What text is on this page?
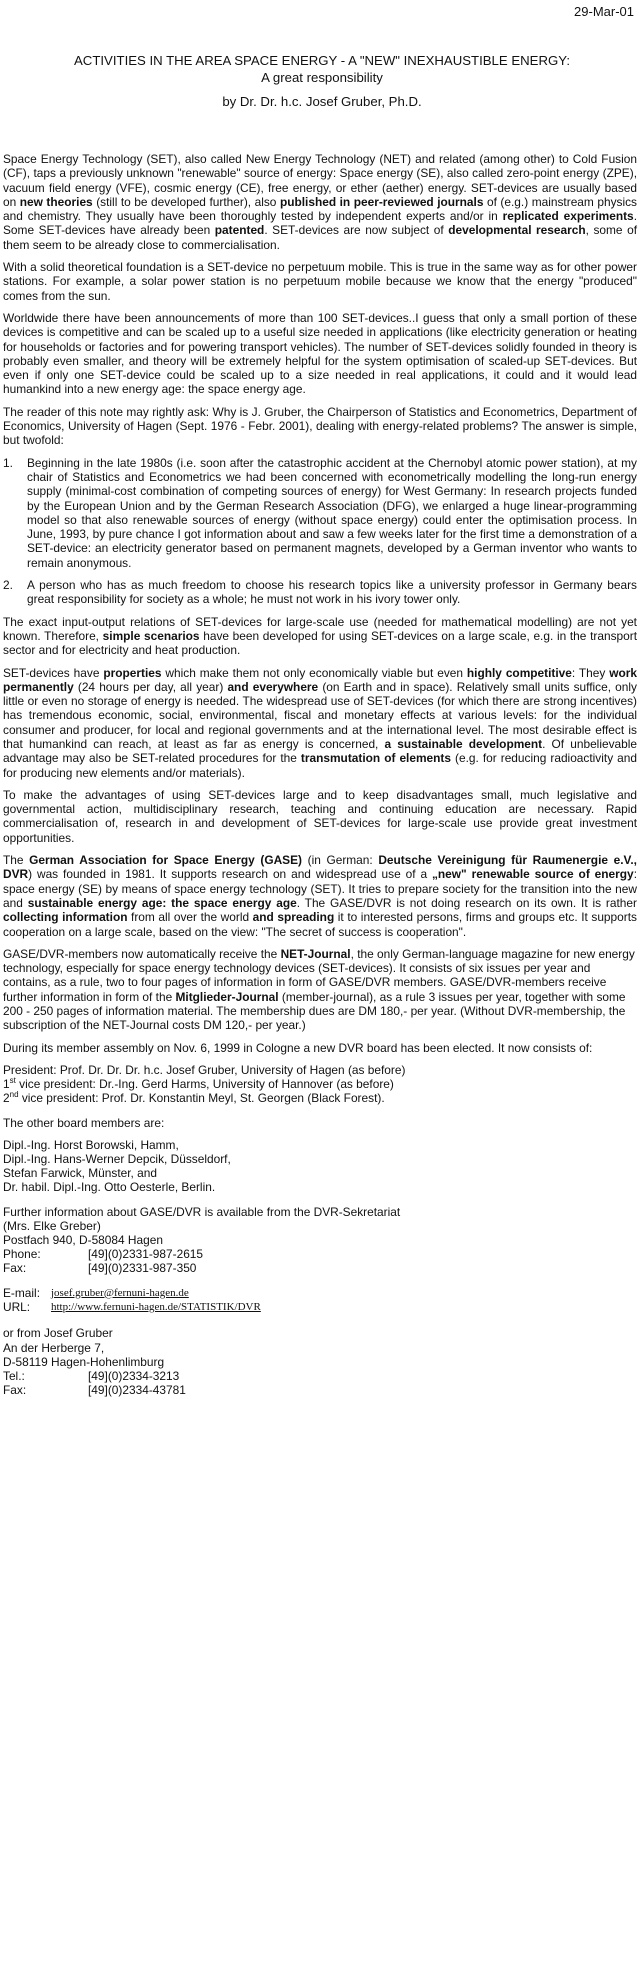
29-Mar-01
ACTIVITIES IN THE AREA SPACE ENERGY - A "NEW" INEXHAUSTIBLE ENERGY:
A great responsibility
by Dr. Dr. h.c. Josef Gruber, Ph.D.

Space Energy Technology (SET), also called New Energy Technology (NET) and related (among other) to Cold Fusion (CF), taps a previously unknown "renewable" source of energy: Space energy (SE), also called zero-point energy (ZPE), vacuum field energy (VFE), cosmic energy (CE), free energy, or ether (aether) energy. SET-devices are usually based on new theories (still to be developed further), also published in peer-reviewed journals of (e.g.) mainstream physics and chemistry. They usually have been thoroughly tested by independent experts and/or in replicated experiments. Some SET-devices have already been patented. SET-devices are now subject of developmental research, some of them seem to be already close to commercialisation.

With a solid theoretical foundation is a SET-device no perpetuum mobile. This is true in the same way as for other power stations. For example, a solar power station is no perpetuum mobile because we know that the energy "produced" comes from the sun.

Worldwide there have been announcements of more than 100 SET-devices..I guess that only a small portion of these devices is competitive and can be scaled up to a useful size needed in applications (like electricity generation or heating for households or factories and for powering transport vehicles). The number of SET-devices solidly founded in theory is probably even smaller, and theory will be extremely helpful for the system optimisation of scaled-up SET-devices. But even if only one SET-device could be scaled up to a size needed in real applications, it could and it would lead humankind into a new energy age: the space energy age.

The reader of this note may rightly ask: Why is J. Gruber, the Chairperson of Statistics and Econometrics, Department of Economics, University of Hagen (Sept. 1976 - Febr. 2001), dealing with energy-related problems? The answer is simple, but twofold:

1. Beginning in the late 1980s (i.e. soon after the catastrophic accident at the Chernobyl atomic power station), at my chair of Statistics and Econometrics we had been concerned with econometrically modelling the long-run energy supply (minimal-cost combination of competing sources of energy) for West Germany: In research projects funded by the European Union and by the German Research Association (DFG), we enlarged a huge linear-programming model so that also renewable sources of energy (without space energy) could enter the optimisation process. In June, 1993, by pure chance I got information about and saw a few weeks later for the first time a demonstration of a SET-device: an electricity generator based on permanent magnets, developed by a German inventor who wants to remain anonymous.
2. A person who has as much freedom to choose his research topics like a university professor in Germany bears great responsibility for society as a whole; he must not work in his ivory tower only.

The exact input-output relations of SET-devices for large-scale use (needed for mathematical modelling) are not yet known. Therefore, simple scenarios have been developed for using SET-devices on a large scale, e.g. in the transport sector and for electricity and heat production.

SET-devices have properties which make them not only economically viable but even highly competitive: They work permanently (24 hours per day, all year) and everywhere (on Earth and in space). Relatively small units suffice, only little or even no storage of energy is needed. The widespread use of SET-devices (for which there are strong incentives) has tremendous economic, social, environmental, fiscal and monetary effects at various levels: for the individual consumer and producer, for local and regional governments and at the international level. The most desirable effect is that humankind can reach, at least as far as energy is concerned, a sustainable development. Of unbelievable advantage may also be SET-related procedures for the transmutation of elements (e.g. for reducing radioactivity and for producing new elements and/or materials).

To make the advantages of using SET-devices large and to keep disadvantages small, much legislative and governmental action, multidisciplinary research, teaching and continuing education are necessary. Rapid commercialisation of, research in and development of SET-devices for large-scale use provide great investment opportunities.

The German Association for Space Energy (GASE) (in German: Deutsche Vereinigung für Raumenergie e.V., DVR) was founded in 1981. It supports research on and widespread use of a „new" renewable source of energy: space energy (SE) by means of space energy technology (SET). It tries to prepare society for the transition into the new and sustainable energy age: the space energy age. The GASE/DVR is not doing research on its own. It is rather collecting information from all over the world and spreading it to interested persons, firms and groups etc. It supports cooperation on a large scale, based on the view: "The secret of success is cooperation".

GASE/DVR-members now automatically receive the NET-Journal, the only German-language magazine for new energy technology, especially for space energy technology devices (SET-devices). It consists of six issues per year and contains, as a rule, two to four pages of information in form of GASE/DVR members. GASE/DVR-members receive further information in form of the Mitglieder-Journal (member-journal), as a rule 3 issues per year, together with some 200 - 250 pages of information material. The membership dues are DM 180,- per year. (Without DVR-membership, the subscription of the NET-Journal costs DM 120,- per year.)

During its member assembly on Nov. 6, 1999 in Cologne a new DVR board has been elected. It now consists of:

President: Prof. Dr. Dr. Dr. h.c. Josef Gruber, University of Hagen (as before)
1st vice president: Dr.-Ing. Gerd Harms, University of Hannover (as before)
2nd vice president: Prof. Dr. Konstantin Meyl, St. Georgen (Black Forest).

The other board members are:

Dipl.-Ing. Horst Borowski, Hamm,
Dipl.-Ing. Hans-Werner Depcik, Düsseldorf,
Stefan Farwick, Münster, and
Dr. habil. Dipl.-Ing. Otto Oesterle, Berlin.
Further information about GASE/DVR is available from the DVR-Sekretariat
(Mrs. Elke Greber)
Postfach 940, D-58084 Hagen
Phone:	[49](0)2331-987-2615
Fax:	[49](0)2331-987-350
E-mail:	josef.gruber@fernuni-hagen.de
URL:	http://www.fernuni-hagen.de/STATISTIK/DVR
or from Josef Gruber
An der Herberge 7,
D-58119 Hagen-Hohenlimburg
Tel.:	[49](0)2334-3213
Fax:	[49](0)2334-43781
